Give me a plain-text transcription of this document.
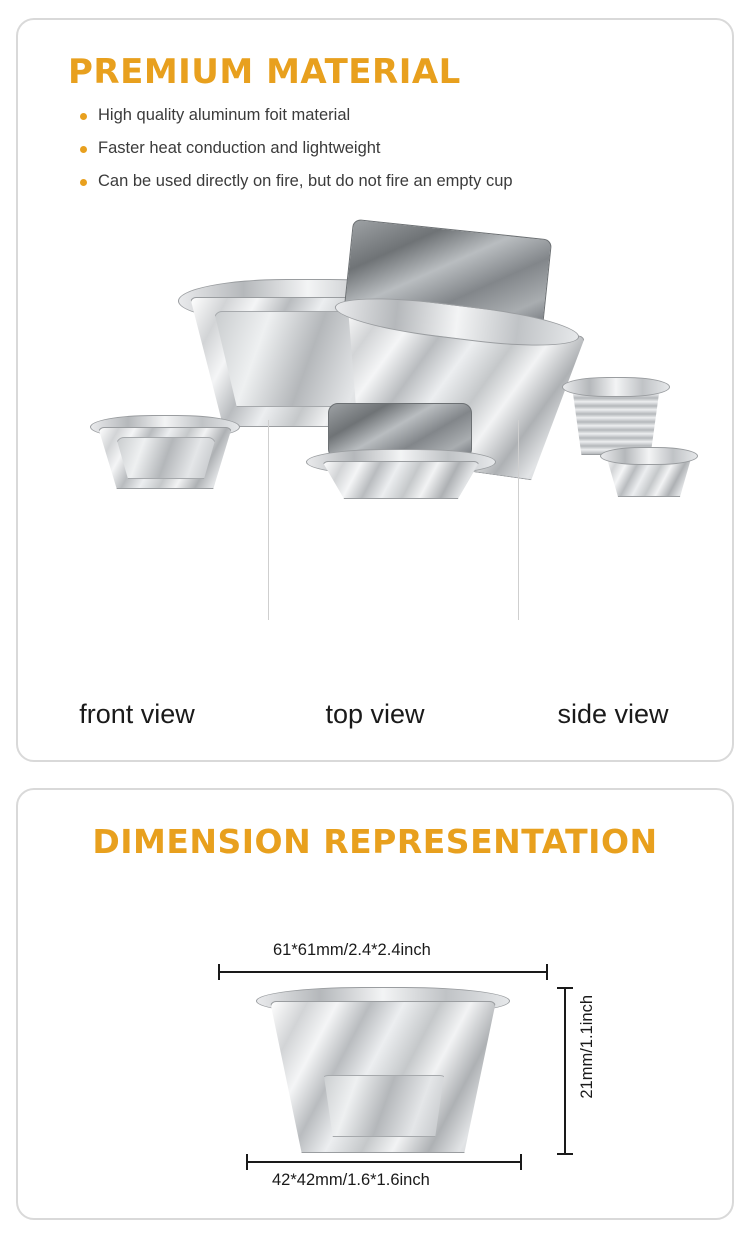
PREMIUM MATERIAL
High quality aluminum foit material
Faster heat conduction and lightweight
Can be used directly on fire, but do not fire an empty cup
front view	top view	side view
DIMENSION REPRESENTATION
61*61mm/2.4*2.4inch
21mm/1.1inch
42*42mm/1.6*1.6inch
